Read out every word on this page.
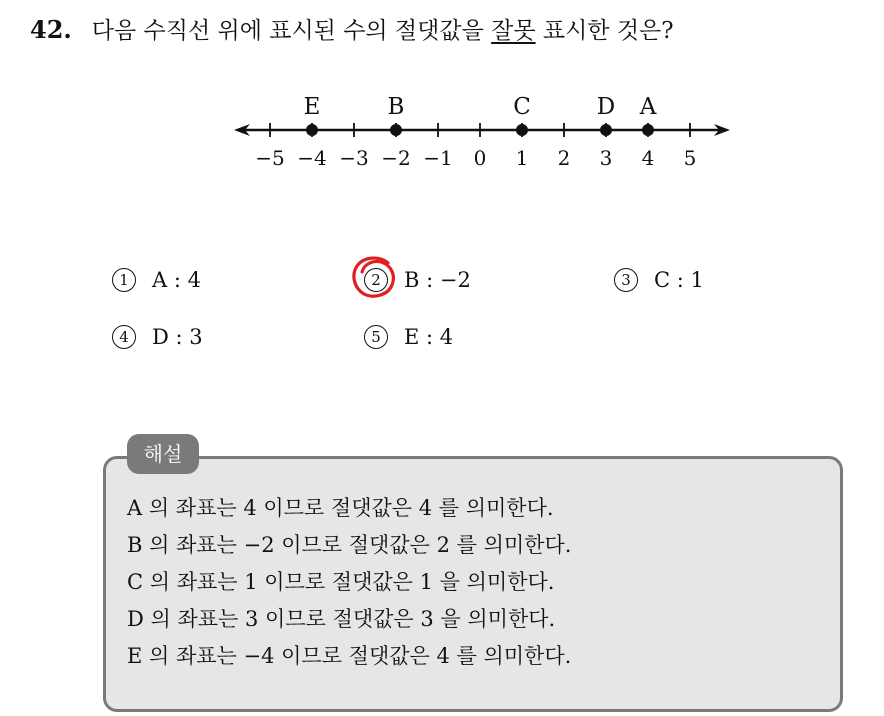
42. 다음 수직선 위에 표시된 수의 절댓값을 잘못 표시한 것은?
−5 −4 −3 −2 −1 0 1 2 3 4 5
E	B	C	D A
1 A : 4	2 B : −2	3 C : 1
4 D : 3	5 E : 4
해설
A 의 좌표는 4 이므로 절댓값은 4 를 의미한다.
B 의 좌표는 −2 이므로 절댓값은 2 를 의미한다.
C 의 좌표는 1 이므로 절댓값은 1 을 의미한다.
D 의 좌표는 3 이므로 절댓값은 3 을 의미한다.
E 의 좌표는 −4 이므로 절댓값은 4 를 의미한다.
